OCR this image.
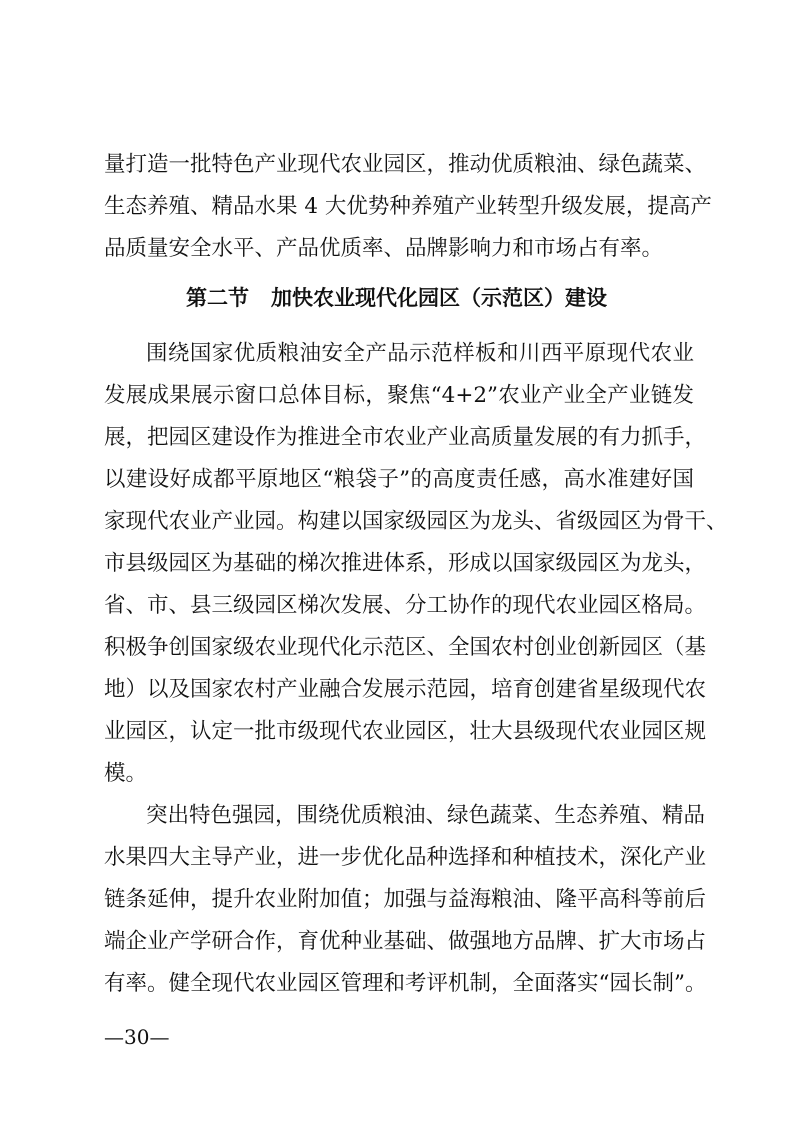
量打造一批特色产业现代农业园区，推动优质粮油、绿色蔬菜、
生态养殖、精品水果 4 大优势种养殖产业转型升级发展，提高产
品质量安全水平、产品优质率、品牌影响力和市场占有率。
第二节   加快农业现代化园区（示范区）建设
围绕国家优质粮油安全产品示范样板和川西平原现代农业
发展成果展示窗口总体目标，聚焦“4+2”农业产业全产业链发
展，把园区建设作为推进全市农业产业高质量发展的有力抓手，
以建设好成都平原地区“粮袋子”的高度责任感，高水准建好国
家现代农业产业园。构建以国家级园区为龙头、省级园区为骨干、
市县级园区为基础的梯次推进体系，形成以国家级园区为龙头，
省、市、县三级园区梯次发展、分工协作的现代农业园区格局。
积极争创国家级农业现代化示范区、全国农村创业创新园区（基
地）以及国家农村产业融合发展示范园，培育创建省星级现代农
业园区，认定一批市级现代农业园区，壮大县级现代农业园区规
模。
突出特色强园，围绕优质粮油、绿色蔬菜、生态养殖、精品
水果四大主导产业，进一步优化品种选择和种植技术，深化产业
链条延伸，提升农业附加值；加强与益海粮油、隆平高科等前后
端企业产学研合作，育优种业基础、做强地方品牌、扩大市场占
有率。健全现代农业园区管理和考评机制，全面落实“园长制”。
—30—
